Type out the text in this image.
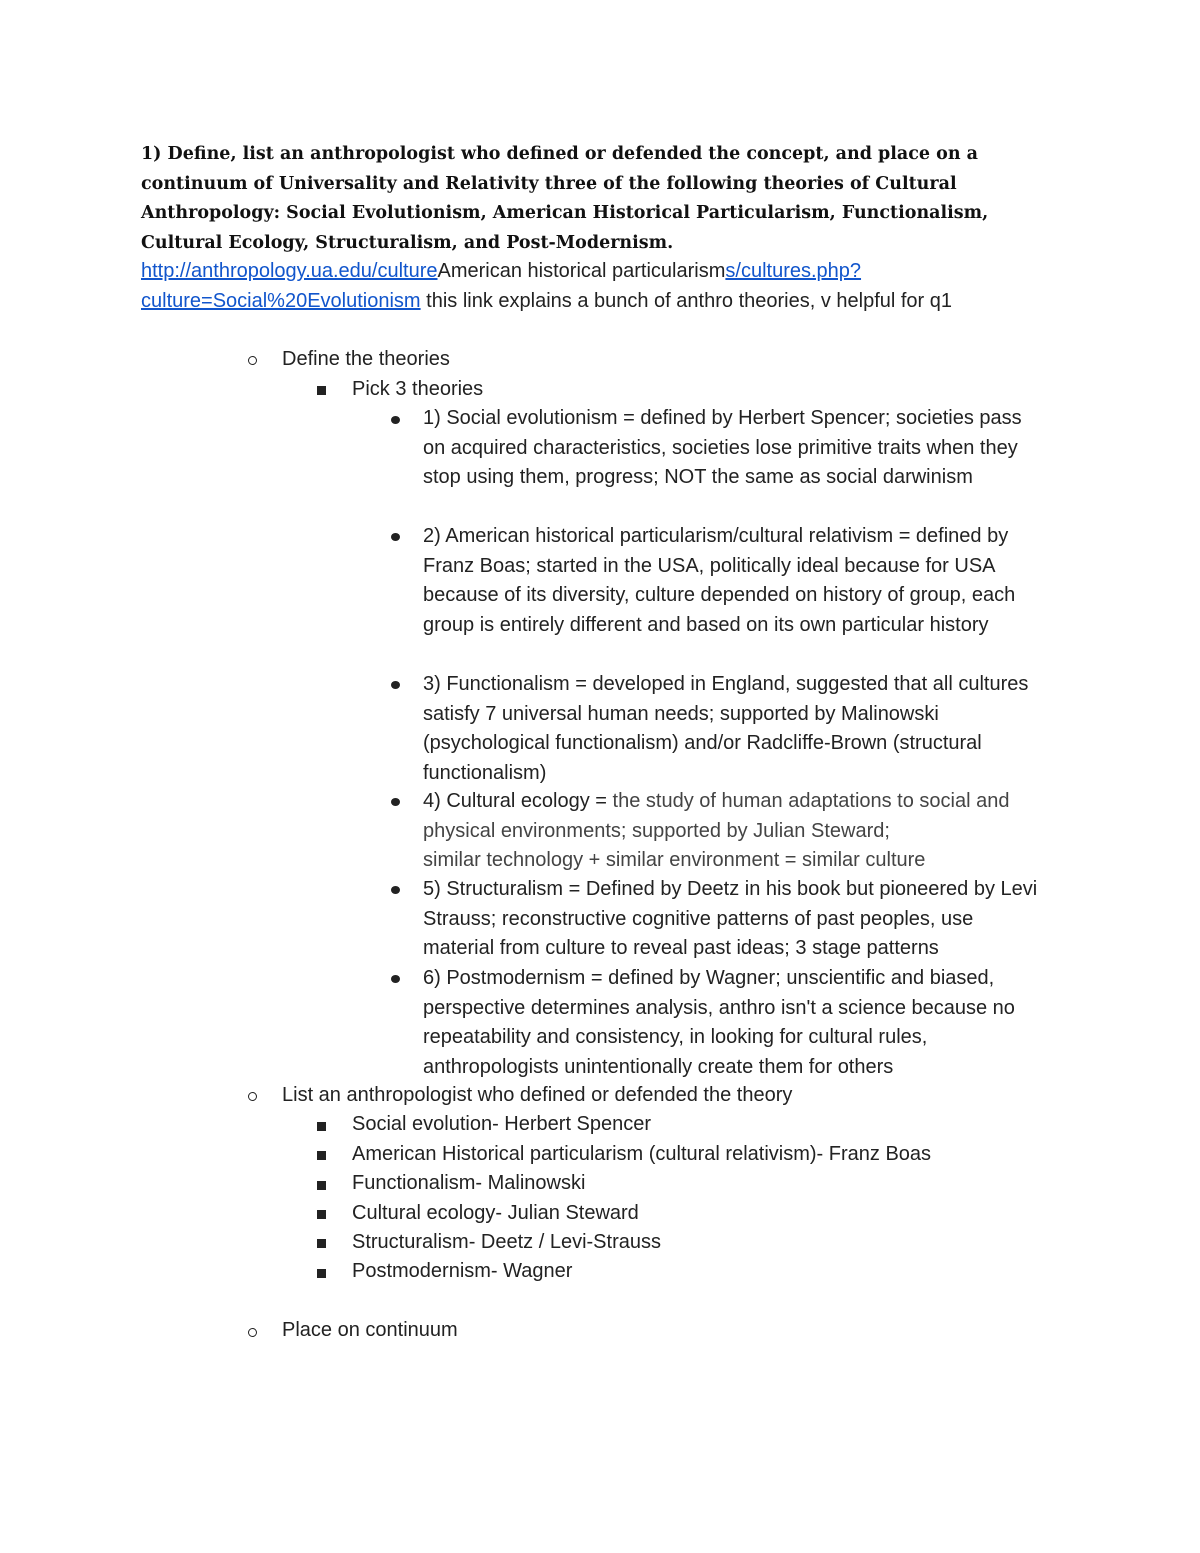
1) Define, list an anthropologist who defined or defended the concept, and place on a continuum of Universality and Relativity three of the following theories of Cultural Anthropology: Social Evolutionism, American Historical Particularism, Functionalism, Cultural Ecology, Structuralism, and Post-Modernism.
http://anthropology.ua.edu/cultureAmerican historical particularisms/cultures.php?culture=Social%20Evolutionism this link explains a bunch of anthro theories, v helpful for q1
Define the theories
Pick 3 theories
1) Social evolutionism = defined by Herbert Spencer; societies pass on acquired characteristics, societies lose primitive traits when they stop using them, progress; NOT the same as social darwinism
2) American historical particularism/cultural relativism = defined by Franz Boas; started in the USA, politically ideal because for USA because of its diversity, culture depended on history of group, each group is entirely different and based on its own particular history
3) Functionalism = developed in England, suggested that all cultures satisfy 7 universal human needs; supported by Malinowski (psychological functionalism) and/or Radcliffe-Brown (structural functionalism)
4) Cultural ecology = the study of human adaptations to social and physical environments; supported by Julian Steward;
similar technology + similar environment = similar culture
5) Structuralism = Defined by Deetz in his book but pioneered by Levi Strauss; reconstructive cognitive patterns of past peoples, use material from culture to reveal past ideas; 3 stage patterns
6) Postmodernism = defined by Wagner; unscientific and biased, perspective determines analysis, anthro isn't a science because no repeatability and consistency, in looking for cultural rules, anthropologists unintentionally create them for others
List an anthropologist who defined or defended the theory
Social evolution- Herbert Spencer
American Historical particularism (cultural relativism)- Franz Boas
Functionalism- Malinowski
Cultural ecology- Julian Steward
Structuralism- Deetz / Levi-Strauss
Postmodernism- Wagner
Place on continuum
